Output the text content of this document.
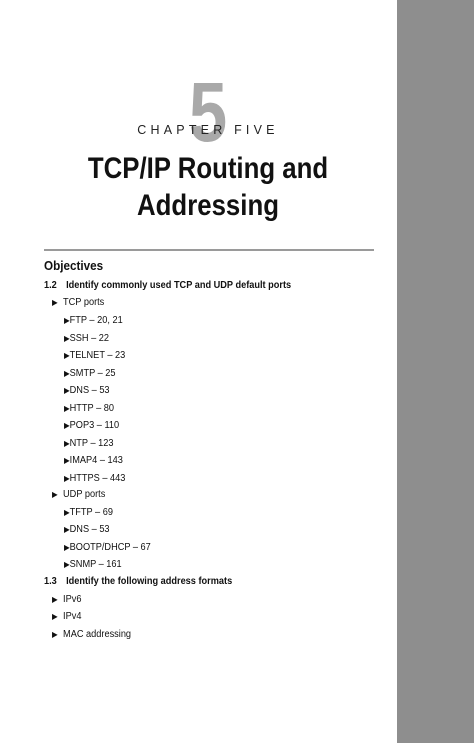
5
CHAPTER FIVE
TCP/IP Routing and
Addressing
Objectives
1.2 Identify commonly used TCP and UDP default ports
▶ TCP ports
▶FTP – 20, 21
▶SSH – 22
▶TELNET – 23
▶SMTP – 25
▶DNS – 53
▶HTTP – 80
▶POP3 – 110
▶NTP – 123
▶IMAP4 – 143
▶HTTPS – 443
▶ UDP ports
▶TFTP – 69
▶DNS – 53
▶BOOTP/DHCP – 67
▶SNMP – 161
1.3 Identify the following address formats
▶ IPv6
▶ IPv4
▶ MAC addressing
